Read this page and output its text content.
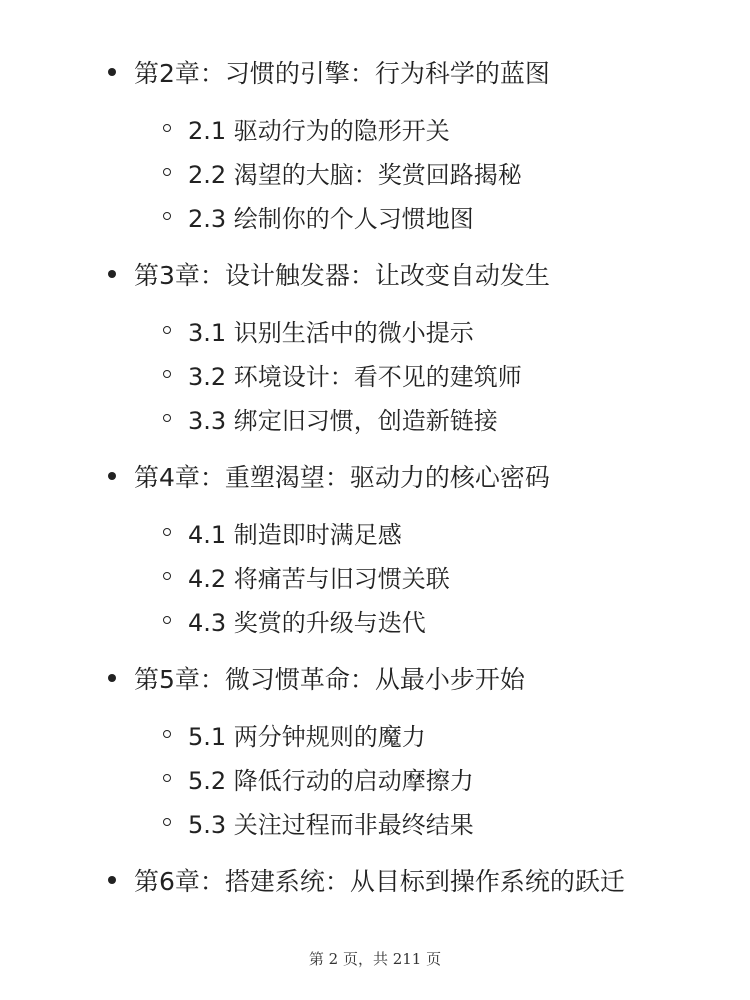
第2章：习惯的引擎：行为科学的蓝图
2.1 驱动行为的隐形开关
2.2 渴望的大脑：奖赏回路揭秘
2.3 绘制你的个人习惯地图
第3章：设计触发器：让改变自动发生
3.1 识别生活中的微小提示
3.2 环境设计：看不见的建筑师
3.3 绑定旧习惯，创造新链接
第4章：重塑渴望：驱动力的核心密码
4.1 制造即时满足感
4.2 将痛苦与旧习惯关联
4.3 奖赏的升级与迭代
第5章：微习惯革命：从最小步开始
5.1 两分钟规则的魔力
5.2 降低行动的启动摩擦力
5.3 关注过程而非最终结果
第6章：搭建系统：从目标到操作系统的跃迁
第 2 页，共 211 页
